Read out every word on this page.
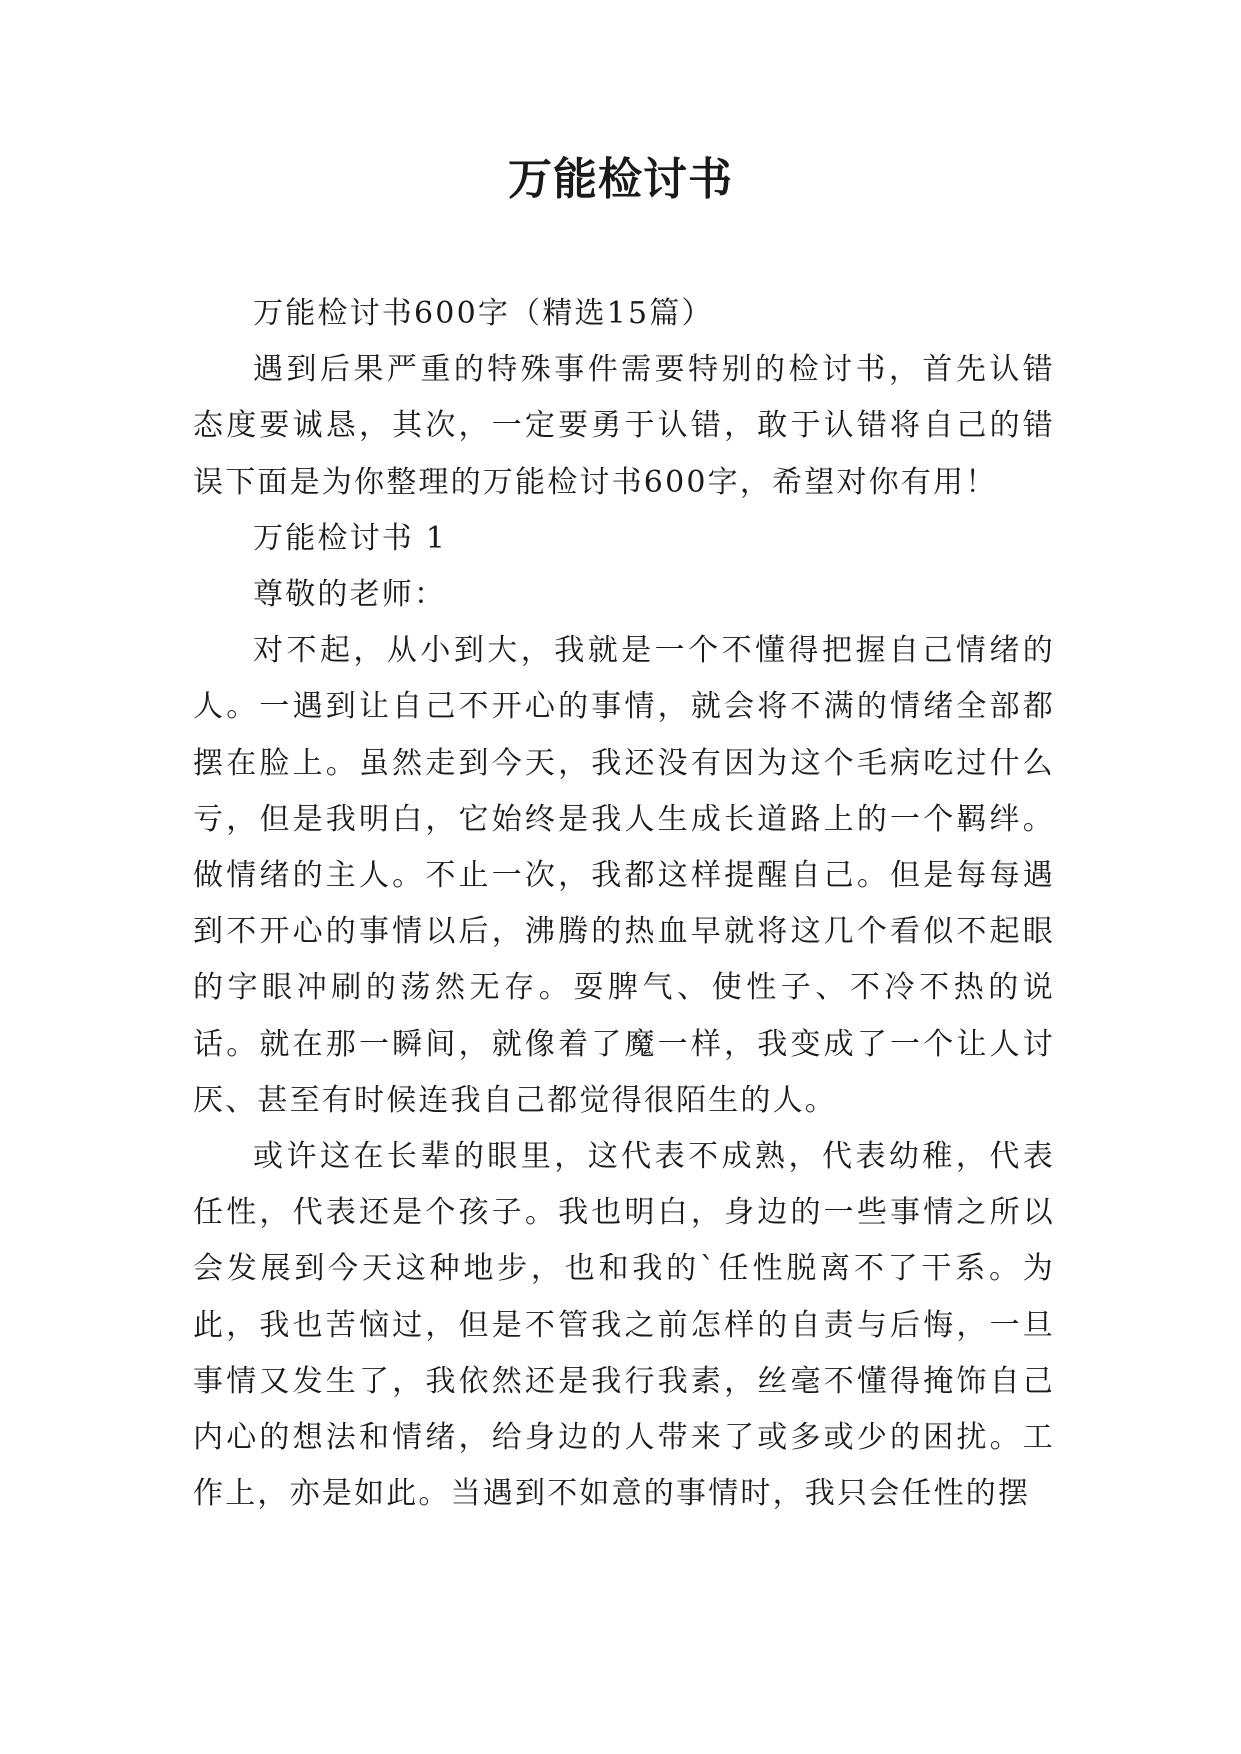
万能检讨书

万能检讨书600字（精选15篇）

遇到后果严重的特殊事件需要特别的检讨书，首先认错态度要诚恳，其次，一定要勇于认错，敢于认错将自己的错误下面是为你整理的万能检讨书600字，希望对你有用！

万能检讨书 1

尊敬的老师：

对不起，从小到大，我就是一个不懂得把握自己情绪的人。一遇到让自己不开心的事情，就会将不满的情绪全部都摆在脸上。虽然走到今天，我还没有因为这个毛病吃过什么亏，但是我明白，它始终是我人生成长道路上的一个羁绊。做情绪的主人。不止一次，我都这样提醒自己。但是每每遇到不开心的事情以后，沸腾的热血早就将这几个看似不起眼的字眼冲刷的荡然无存。耍脾气、使性子、不冷不热的说话。就在那一瞬间，就像着了魔一样，我变成了一个让人讨厌、甚至有时候连我自己都觉得很陌生的人。

或许这在长辈的眼里，这代表不成熟，代表幼稚，代表任性，代表还是个孩子。我也明白，身边的一些事情之所以会发展到今天这种地步，也和我的`任性脱离不了干系。为此，我也苦恼过，但是不管我之前怎样的自责与后悔，一旦事情又发生了，我依然还是我行我素，丝毫不懂得掩饰自己内心的想法和情绪，给身边的人带来了或多或少的困扰。工作上，亦是如此。当遇到不如意的事情时，我只会任性的摆
